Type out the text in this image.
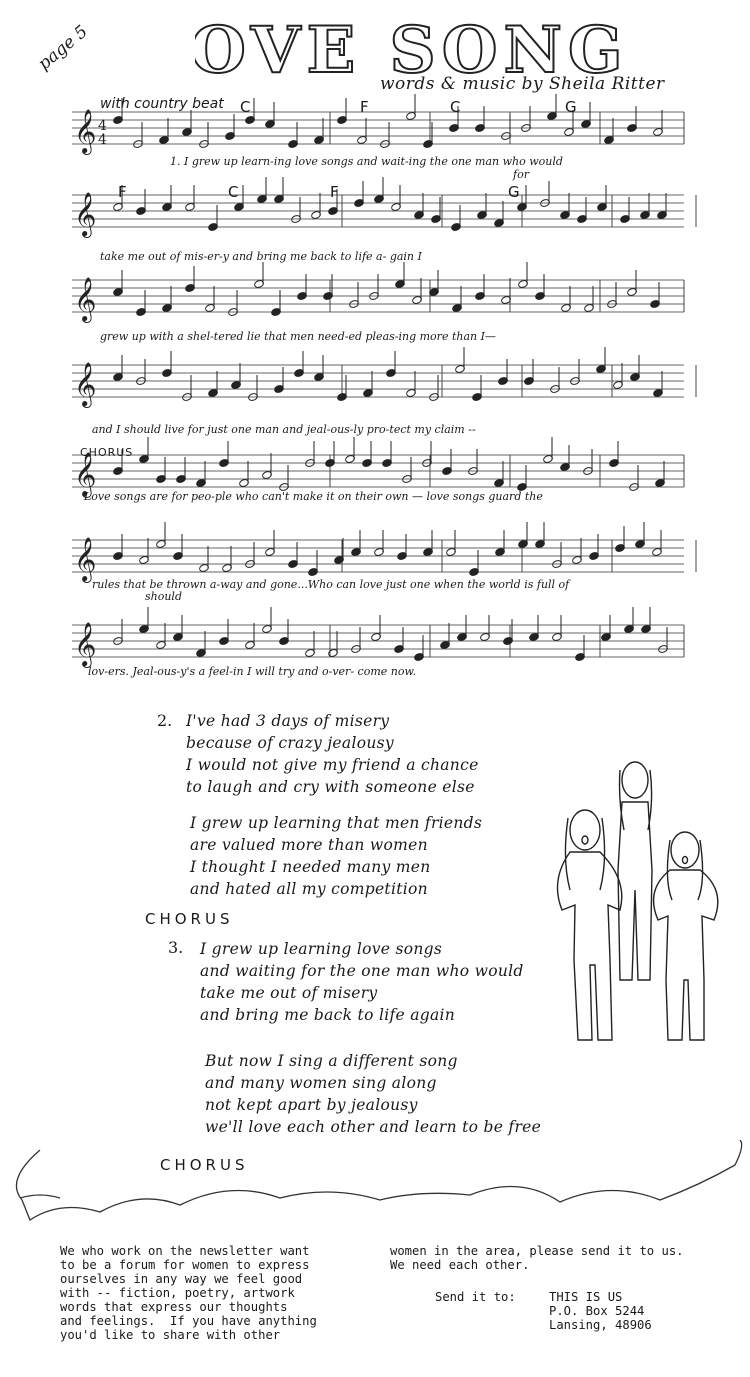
page 5	OVE SONG
words & music by Sheila Ritter
with country beat
𝄞
𝄞
𝄞
𝄞
𝄞
𝄞
𝄞
4
4
C	F	C	G
F	C	F	G
1. I grew up learn-ing love songs and wait-ing the one man who would
for
take me out of mis-er-y and bring me back to life a- gain I
grew up with a shel-tered lie that men need-ed pleas-ing more than I—
and I should live for just one man and jeal-ous-ly pro-tect my claim --
Love songs are for peo-ple who can't make it on their own — love songs guard the
rules that be thrown a-way and gone...Who can love just one when the world is full of
should
lov-ers. Jeal-ous-y's a feel-in I will try and o-ver- come now.
CHORUS
2. I've had 3 days of misery
because of crazy jealousy
I would not give my friend a chance
to laugh and cry with someone else
I grew up learning that men friends
are valued more than women
I thought I needed many men
and hated all my competition
CHORUS
3. I grew up learning love songs
and waiting for the one man who would
take me out of misery
and bring me back to life again
But now I sing a different song
and many women sing along
not kept apart by jealousy
we'll love each other and learn to be free
CHORUS
We who work on the newsletter want
to be a forum for women to express
ourselves in any way we feel good
with -- fiction, poetry, artwork
words that express our thoughts
and feelings.  If you have anything
you'd like to share with other
women in the area, please send it to us.
We need each other.
Send it to:	THIS IS US
P.O. Box 5244
Lansing, 48906
